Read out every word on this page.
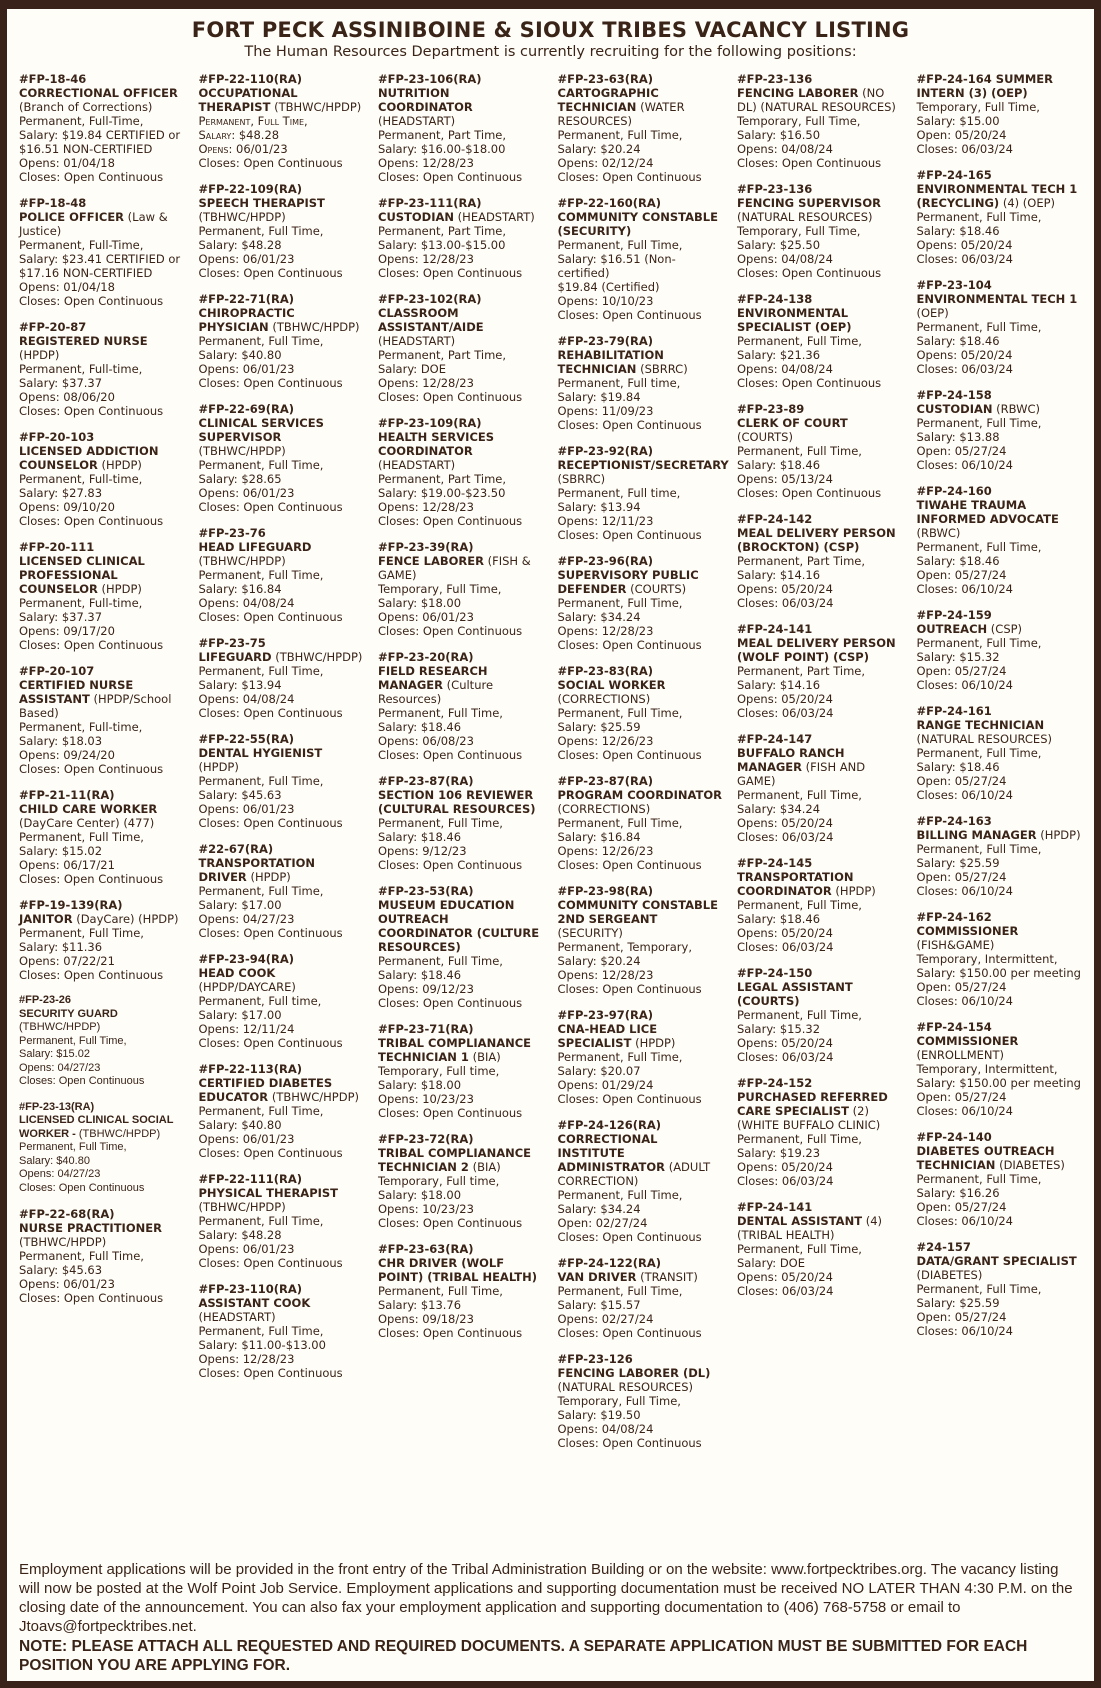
FORT PECK ASSINIBOINE & SIOUX TRIBES VACANCY LISTING

The Human Resources Department is currently recruiting for the following positions:

#FP-18-46
CORRECTIONAL OFFICER (Branch of Corrections)
Permanent, Full-Time, Salary: $19.84 CERTIFIED or $16.51 NON-CERTIFIED
Opens: 01/04/18
Closes: Open Continuous
#FP-18-48
POLICE OFFICER (Law & Justice)
Permanent, Full-Time, Salary: $23.41 CERTIFIED or $17.16 NON-CERTIFIED
Opens: 01/04/18
Closes: Open Continuous
#FP-20-87
REGISTERED NURSE (HPDP)
Permanent, Full-time,
Salary: $37.37
Opens: 08/06/20
Closes: Open Continuous
#FP-20-103
LICENSED ADDICTION COUNSELOR (HPDP)
Permanent, Full-time,
Salary: $27.83
Opens: 09/10/20
Closes: Open Continuous
#FP-20-111
LICENSED CLINICAL PROFESSIONAL COUNSELOR (HPDP)
Permanent, Full-time,
Salary: $37.37
Opens: 09/17/20
Closes: Open Continuous
#FP-20-107
CERTIFIED NURSE ASSISTANT (HPDP/School Based)
Permanent, Full-time,
Salary: $18.03
Opens: 09/24/20
Closes: Open Continuous
#FP-21-11(RA)
CHILD CARE WORKER (DayCare Center) (477)
Permanent, Full Time,
Salary: $15.02
Opens: 06/17/21
Closes: Open Continuous
#FP-19-139(RA)
JANITOR (DayCare) (HPDP)
Permanent, Full Time,
Salary: $11.36
Opens: 07/22/21
Closes: Open Continuous
#FP-23-26
SECURITY GUARD (TBHWC/HPDP)
Permanent, Full Time,
Salary: $15.02
Opens: 04/27/23
Closes: Open Continuous
#FP-23-13(RA)
LICENSED CLINICAL SOCIAL WORKER - (TBHWC/HPDP)
Permanent, Full Time,
Salary: $40.80
Opens: 04/27/23
Closes: Open Continuous
#FP-22-68(RA)
NURSE PRACTITIONER (TBHWC/HPDP)
Permanent, Full Time,
Salary: $45.63
Opens: 06/01/23
Closes: Open Continuous
#FP-22-110(RA)
OCCUPATIONAL THERAPIST (TBHWC/HPDP)
Permanent, Full Time,
Salary: $48.28
Opens: 06/01/23
Closes: Open Continuous
#FP-22-109(RA)
SPEECH THERAPIST (TBHWC/HPDP)
Permanent, Full Time,
Salary: $48.28
Opens: 06/01/23
Closes: Open Continuous
#FP-22-71(RA)
CHIROPRACTIC PHYSICIAN (TBHWC/HPDP)
Permanent, Full Time,
Salary: $40.80
Opens: 06/01/23
Closes: Open Continuous
#FP-22-69(RA)
CLINICAL SERVICES SUPERVISOR (TBHWC/HPDP)
Permanent, Full Time,
Salary: $28.65
Opens: 06/01/23
Closes: Open Continuous
#FP-23-76
HEAD LIFEGUARD (TBHWC/HPDP)
Permanent, Full Time,
Salary: $16.84
Opens: 04/08/24
Closes: Open Continuous
#FP-23-75
LIFEGUARD (TBHWC/HPDP)
Permanent, Full Time,
Salary: $13.94
Opens: 04/08/24
Closes: Open Continuous
#FP-22-55(RA)
DENTAL HYGIENIST (HPDP)
Permanent, Full Time,
Salary: $45.63
Opens: 06/01/23
Closes: Open Continuous
#22-67(RA)
TRANSPORTATION DRIVER (HPDP)
Permanent, Full Time,
Salary: $17.00
Opens: 04/27/23
Closes: Open Continuous
#FP-23-94(RA)
HEAD COOK (HPDP/DAYCARE)
Permanent, Full time,
Salary: $17.00
Opens: 12/11/24
Closes: Open Continuous
#FP-22-113(RA)
CERTIFIED DIABETES EDUCATOR (TBHWC/HPDP)
Permanent, Full Time,
Salary: $40.80
Opens: 06/01/23
Closes: Open Continuous
#FP-22-111(RA)
PHYSICAL THERAPIST (TBHWC/HPDP)
Permanent, Full Time,
Salary: $48.28
Opens: 06/01/23
Closes: Open Continuous
#FP-23-110(RA)
ASSISTANT COOK (HEADSTART)
Permanent, Full Time,
Salary: $11.00-$13.00
Opens: 12/28/23
Closes: Open Continuous
#FP-23-106(RA)
NUTRITION COORDINATOR (HEADSTART)
Permanent, Part Time,
Salary: $16.00-$18.00
Opens: 12/28/23
Closes: Open Continuous
#FP-23-111(RA)
CUSTODIAN (HEADSTART)
Permanent, Part Time,
Salary: $13.00-$15.00
Opens: 12/28/23
Closes: Open Continuous
#FP-23-102(RA)
CLASSROOM ASSISTANT/AIDE (HEADSTART)
Permanent, Part Time,
Salary: DOE
Opens: 12/28/23
Closes: Open Continuous
#FP-23-109(RA)
HEALTH SERVICES COORDINATOR (HEADSTART)
Permanent, Part Time,
Salary: $19.00-$23.50
Opens: 12/28/23
Closes: Open Continuous
#FP-23-39(RA)
FENCE LABORER (FISH & GAME)
Temporary, Full Time,
Salary: $18.00
Opens: 06/01/23
Closes: Open Continuous
#FP-23-20(RA)
FIELD RESEARCH MANAGER (Culture Resources)
Permanent, Full Time,
Salary: $18.46
Opens: 06/08/23
Closes: Open Continuous
#FP-23-87(RA)
SECTION 106 REVIEWER (CULTURAL RESOURCES)
Permanent, Full Time,
Salary: $18.46
Opens: 9/12/23
Closes: Open Continuous
#FP-23-53(RA)
MUSEUM EDUCATION OUTREACH COORDINATOR (CULTURE RESOURCES)
Permanent, Full Time,
Salary: $18.46
Opens: 09/12/23
Closes: Open Continuous
#FP-23-71(RA)
TRIBAL COMPLIANANCE TECHNICIAN 1 (BIA)
Temporary, Full time,
Salary: $18.00
Opens: 10/23/23
Closes: Open Continuous
#FP-23-72(RA)
TRIBAL COMPLIANANCE TECHNICIAN 2 (BIA)
Temporary, Full time,
Salary: $18.00
Opens: 10/23/23
Closes: Open Continuous
#FP-23-63(RA)
CHR DRIVER (WOLF POINT) (TRIBAL HEALTH)
Permanent, Full Time,
Salary: $13.76
Opens: 09/18/23
Closes: Open Continuous
#FP-23-63(RA)
CARTOGRAPHIC TECHNICIAN (WATER RESOURCES)
Permanent, Full Time,
Salary: $20.24
Opens: 02/12/24
Closes: Open Continuous
#FP-22-160(RA)
COMMUNITY CONSTABLE (SECURITY)
Permanent, Full Time,
Salary: $16.51 (Non-certified)
$19.84 (Certified)
Opens: 10/10/23
Closes: Open Continuous
#FP-23-79(RA)
REHABILITATION TECHNICIAN (SBRRC)
Permanent, Full time,
Salary: $19.84
Opens: 11/09/23
Closes: Open Continuous
#FP-23-92(RA)
RECEPTIONIST/SECRETARY (SBRRC)
Permanent, Full time,
Salary: $13.94
Opens: 12/11/23
Closes: Open Continuous
#FP-23-96(RA)
SUPERVISORY PUBLIC DEFENDER (COURTS)
Permanent, Full Time,
Salary: $34.24
Opens: 12/28/23
Closes: Open Continuous
#FP-23-83(RA)
SOCIAL WORKER (CORRECTIONS)
Permanent, Full Time,
Salary: $25.59
Opens: 12/26/23
Closes: Open Continuous
#FP-23-87(RA)
PROGRAM COORDINATOR (CORRECTIONS)
Permanent, Full Time,
Salary: $16.84
Opens: 12/26/23
Closes: Open Continuous
#FP-23-98(RA)
COMMUNITY CONSTABLE 2ND SERGEANT (SECURITY)
Permanent, Temporary,
Salary: $20.24
Opens: 12/28/23
Closes: Open Continuous
#FP-23-97(RA)
CNA-HEAD LICE SPECIALIST (HPDP)
Permanent, Full Time,
Salary: $20.07
Opens: 01/29/24
Closes: Open Continuous
#FP-24-126(RA)
CORRECTIONAL INSTITUTE ADMINISTRATOR (ADULT CORRECTION)
Permanent, Full Time,
Salary: $34.24
Open: 02/27/24
Closes: Open Continuous
#FP-24-122(RA)
VAN DRIVER (TRANSIT)
Permanent, Full Time,
Salary: $15.57
Opens: 02/27/24
Closes: Open Continuous
#FP-23-126
FENCING LABORER (DL) (NATURAL RESOURCES)
Temporary, Full Time,
Salary: $19.50
Opens: 04/08/24
Closes: Open Continuous
#FP-23-136
FENCING LABORER (NO DL) (NATURAL RESOURCES)
Temporary, Full Time,
Salary: $16.50
Opens: 04/08/24
Closes: Open Continuous
#FP-23-136
FENCING SUPERVISOR (NATURAL RESOURCES)
Temporary, Full Time,
Salary: $25.50
Opens: 04/08/24
Closes: Open Continuous
#FP-24-138
ENVIRONMENTAL SPECIALIST (OEP)
Permanent, Full Time,
Salary: $21.36
Opens: 04/08/24
Closes: Open Continuous
#FP-23-89
CLERK OF COURT (COURTS)
Permanent, Full Time,
Salary: $18.46
Opens: 05/13/24
Closes: Open Continuous
#FP-24-142
MEAL DELIVERY PERSON (BROCKTON) (CSP)
Permanent, Part Time,
Salary: $14.16
Opens: 05/20/24
Closes: 06/03/24
#FP-24-141
MEAL DELIVERY PERSON (WOLF POINT) (CSP)
Permanent, Part Time,
Salary: $14.16
Opens: 05/20/24
Closes: 06/03/24
#FP-24-147
BUFFALO RANCH MANAGER (FISH AND GAME)
Permanent, Full Time,
Salary: $34.24
Opens: 05/20/24
Closes: 06/03/24
#FP-24-145
TRANSPORTATION COORDINATOR (HPDP)
Permanent, Full Time,
Salary: $18.46
Opens: 05/20/24
Closes: 06/03/24
#FP-24-150
LEGAL ASSISTANT (COURTS)
Permanent, Full Time,
Salary: $15.32
Opens: 05/20/24
Closes: 06/03/24
#FP-24-152
PURCHASED REFERRED CARE SPECIALIST (2) (WHITE BUFFALO CLINIC)
Permanent, Full Time,
Salary: $19.23
Opens: 05/20/24
Closes: 06/03/24
#FP-24-141
DENTAL ASSISTANT (4) (TRIBAL HEALTH)
Permanent, Full Time,
Salary: DOE
Opens: 05/20/24
Closes: 06/03/24
#FP-24-164 SUMMER INTERN (3) (OEP)
Temporary, Full Time,
Salary: $15.00
Open: 05/20/24
Closes: 06/03/24
#FP-24-165
ENVIRONMENTAL TECH 1 (RECYCLING) (4) (OEP)
Permanent, Full Time,
Salary: $18.46
Opens: 05/20/24
Closes: 06/03/24
#FP-23-104
ENVIRONMENTAL TECH 1 (OEP)
Permanent, Full Time,
Salary: $18.46
Opens: 05/20/24
Closes: 06/03/24
#FP-24-158
CUSTODIAN (RBWC)
Permanent, Full Time,
Salary: $13.88
Open: 05/27/24
Closes: 06/10/24
#FP-24-160
TIWAHE TRAUMA INFORMED ADVOCATE (RBWC)
Permanent, Full Time,
Salary: $18.46
Open: 05/27/24
Closes: 06/10/24
#FP-24-159
OUTREACH (CSP)
Permanent, Full Time,
Salary: $15.32
Open: 05/27/24
Closes: 06/10/24
#FP-24-161
RANGE TECHNICIAN (NATURAL RESOURCES)
Permanent, Full Time,
Salary: $18.46
Open: 05/27/24
Closes: 06/10/24
#FP-24-163
BILLING MANAGER (HPDP)
Permanent, Full Time,
Salary: $25.59
Open: 05/27/24
Closes: 06/10/24
#FP-24-162
COMMISSIONER (FISH&GAME)
Temporary, Intermittent,
Salary: $150.00 per meeting
Open: 05/27/24
Closes: 06/10/24
#FP-24-154
COMMISSIONER (ENROLLMENT)
Temporary, Intermittent,
Salary: $150.00 per meeting
Open: 05/27/24
Closes: 06/10/24
#FP-24-140
DIABETES OUTREACH TECHNICIAN (DIABETES)
Permanent, Full Time,
Salary: $16.26
Open: 05/27/24
Closes: 06/10/24
#24-157
DATA/GRANT SPECIALIST (DIABETES)
Permanent, Full Time,
Salary: $25.59
Open: 05/27/24
Closes: 06/10/24

Employment applications will be provided in the front entry of the Tribal Administration Building or on the website: www.fortpecktribes.org. The vacancy listing will now be posted at the Wolf Point Job Service. Employment applications and supporting documentation must be received NO LATER THAN 4:30 P.M. on the closing date of the announcement. You can also fax your employment application and supporting documentation to (406) 768-5758 or email to Jtoavs@fortpecktribes.net.

NOTE: PLEASE ATTACH ALL REQUESTED AND REQUIRED DOCUMENTS. A SEPARATE APPLICATION MUST BE SUBMITTED FOR EACH POSITION YOU ARE APPLYING FOR.
